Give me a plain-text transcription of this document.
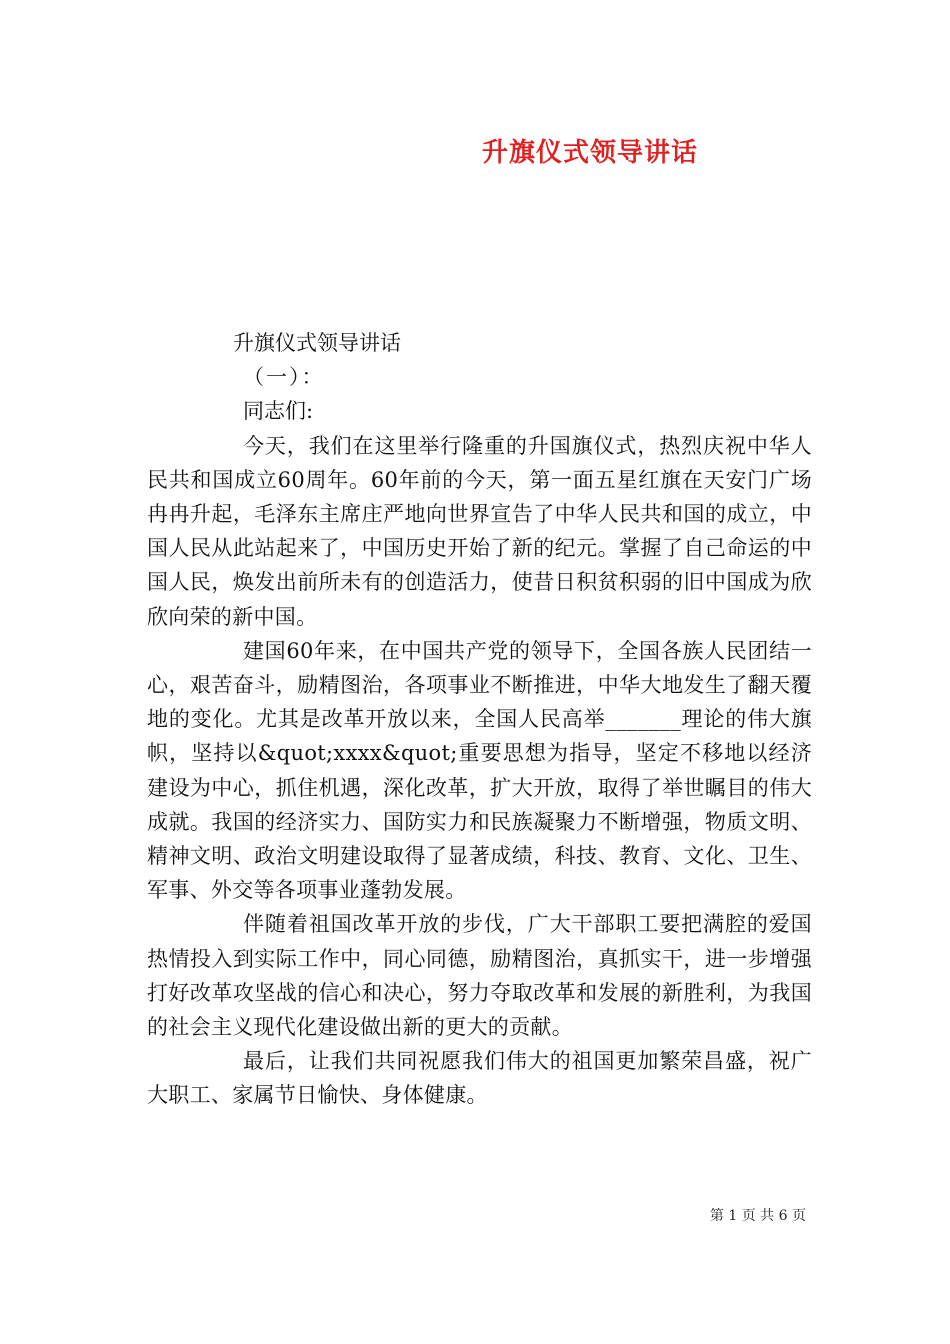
升旗仪式领导讲话
升旗仪式领导讲话
（一）：
同志们:
今天，我们在这里举行隆重的升国旗仪式，热烈庆祝中华人民共和国成立60周年。60年前的今天，第一面五星红旗在天安门广场冉冉升起，毛泽东主席庄严地向世界宣告了中华人民共和国的成立，中国人民从此站起来了，中国历史开始了新的纪元。掌握了自己命运的中国人民，焕发出前所未有的创造活力，使昔日积贫积弱的旧中国成为欣欣向荣的新中国。
建国60年来，在中国共产党的领导下，全国各族人民团结一心，艰苦奋斗，励精图治，各项事业不断推进，中华大地发生了翻天覆地的变化。尤其是改革开放以来，全国人民高举_______理论的伟大旗帜，坚持以&quot;xxxx&quot;重要思想为指导，坚定不移地以经济建设为中心，抓住机遇，深化改革，扩大开放，取得了举世瞩目的伟大成就。我国的经济实力、国防实力和民族凝聚力不断增强，物质文明、精神文明、政治文明建设取得了显著成绩，科技、教育、文化、卫生、军事、外交等各项事业蓬勃发展。
伴随着祖国改革开放的步伐，广大干部职工要把满腔的爱国热情投入到实际工作中，同心同德，励精图治，真抓实干，进一步增强打好改革攻坚战的信心和决心，努力夺取改革和发展的新胜利，为我国的社会主义现代化建设做出新的更大的贡献。
最后，让我们共同祝愿我们伟大的祖国更加繁荣昌盛，祝广大职工、家属节日愉快、身体健康。
第 1 页 共 6 页
